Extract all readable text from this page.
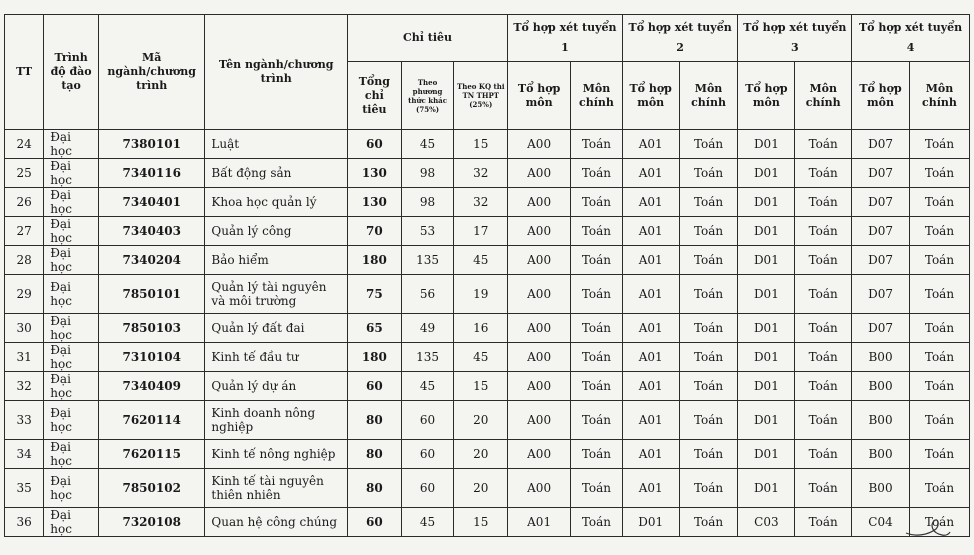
TT	Trình độ đào tạo	Mã ngành/chương trình	Tên ngành/chương trình	Chỉ tiêu			Tổ hợp xét tuyển 1		Tổ hợp xét tuyển 2		Tổ hợp xét tuyển 3		Tổ hợp xét tuyển 4	
				Tổng chỉ tiêu	Theo phương thức khác (75%)	Theo KQ thi TN THPT (25%)	Tổ hợp môn	Môn chính	Tổ hợp môn	Môn chính	Tổ hợp môn	Môn chính	Tổ hợp môn	Môn chính
24	Đại học	7380101	Luật	60	45	15	A00	Toán	A01	Toán	D01	Toán	D07	Toán
25	Đại học	7340116	Bất động sản	130	98	32	A00	Toán	A01	Toán	D01	Toán	D07	Toán
26	Đại học	7340401	Khoa học quản lý	130	98	32	A00	Toán	A01	Toán	D01	Toán	D07	Toán
27	Đại học	7340403	Quản lý công	70	53	17	A00	Toán	A01	Toán	D01	Toán	D07	Toán
28	Đại học	7340204	Bảo hiểm	180	135	45	A00	Toán	A01	Toán	D01	Toán	D07	Toán
29	Đại học	7850101	Quản lý tài nguyên và môi trường	75	56	19	A00	Toán	A01	Toán	D01	Toán	D07	Toán
30	Đại học	7850103	Quản lý đất đai	65	49	16	A00	Toán	A01	Toán	D01	Toán	D07	Toán
31	Đại học	7310104	Kinh tế đầu tư	180	135	45	A00	Toán	A01	Toán	D01	Toán	B00	Toán
32	Đại học	7340409	Quản lý dự án	60	45	15	A00	Toán	A01	Toán	D01	Toán	B00	Toán
33	Đại học	7620114	Kinh doanh nông nghiệp	80	60	20	A00	Toán	A01	Toán	D01	Toán	B00	Toán
34	Đại học	7620115	Kinh tế nông nghiệp	80	60	20	A00	Toán	A01	Toán	D01	Toán	B00	Toán
35	Đại học	7850102	Kinh tế tài nguyên thiên nhiên	80	60	20	A00	Toán	A01	Toán	D01	Toán	B00	Toán
36	Đại học	7320108	Quan hệ công chúng	60	45	15	A01	Toán	D01	Toán	C03	Toán	C04	Toán
